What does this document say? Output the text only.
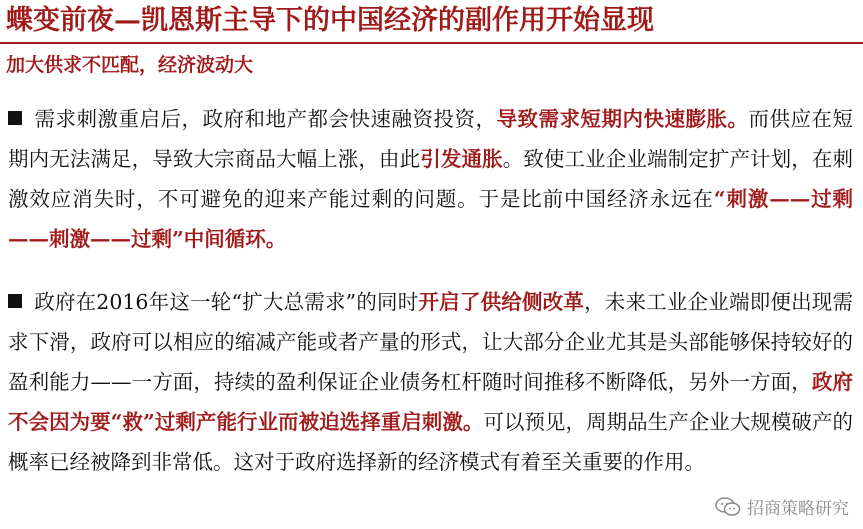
蝶变前夜—凯恩斯主导下的中国经济的副作用开始显现
加大供求不匹配，经济波动大
需求刺激重启后，政府和地产都会快速融资投资，导致需求短期内快速膨胀。而供应在短期内无法满足，导致大宗商品大幅上涨，由此引发通胀。致使工业企业端制定扩产计划，在刺激效应消失时，不可避免的迎来产能过剩的问题。于是比前中国经济永远在“刺激——过剩——刺激——过剩”中间循环。
政府在2016年这一轮“扩大总需求”的同时开启了供给侧改革，未来工业企业端即便出现需求下滑，政府可以相应的缩减产能或者产量的形式，让大部分企业尤其是头部能够保持较好的盈利能力——一方面，持续的盈利保证企业债务杠杆随时间推移不断降低，另外一方面，政府不会因为要“救”过剩产能行业而被迫选择重启刺激。可以预见，周期品生产企业大规模破产的概率已经被降到非常低。这对于政府选择新的经济模式有着至关重要的作用。
招商策略研究
